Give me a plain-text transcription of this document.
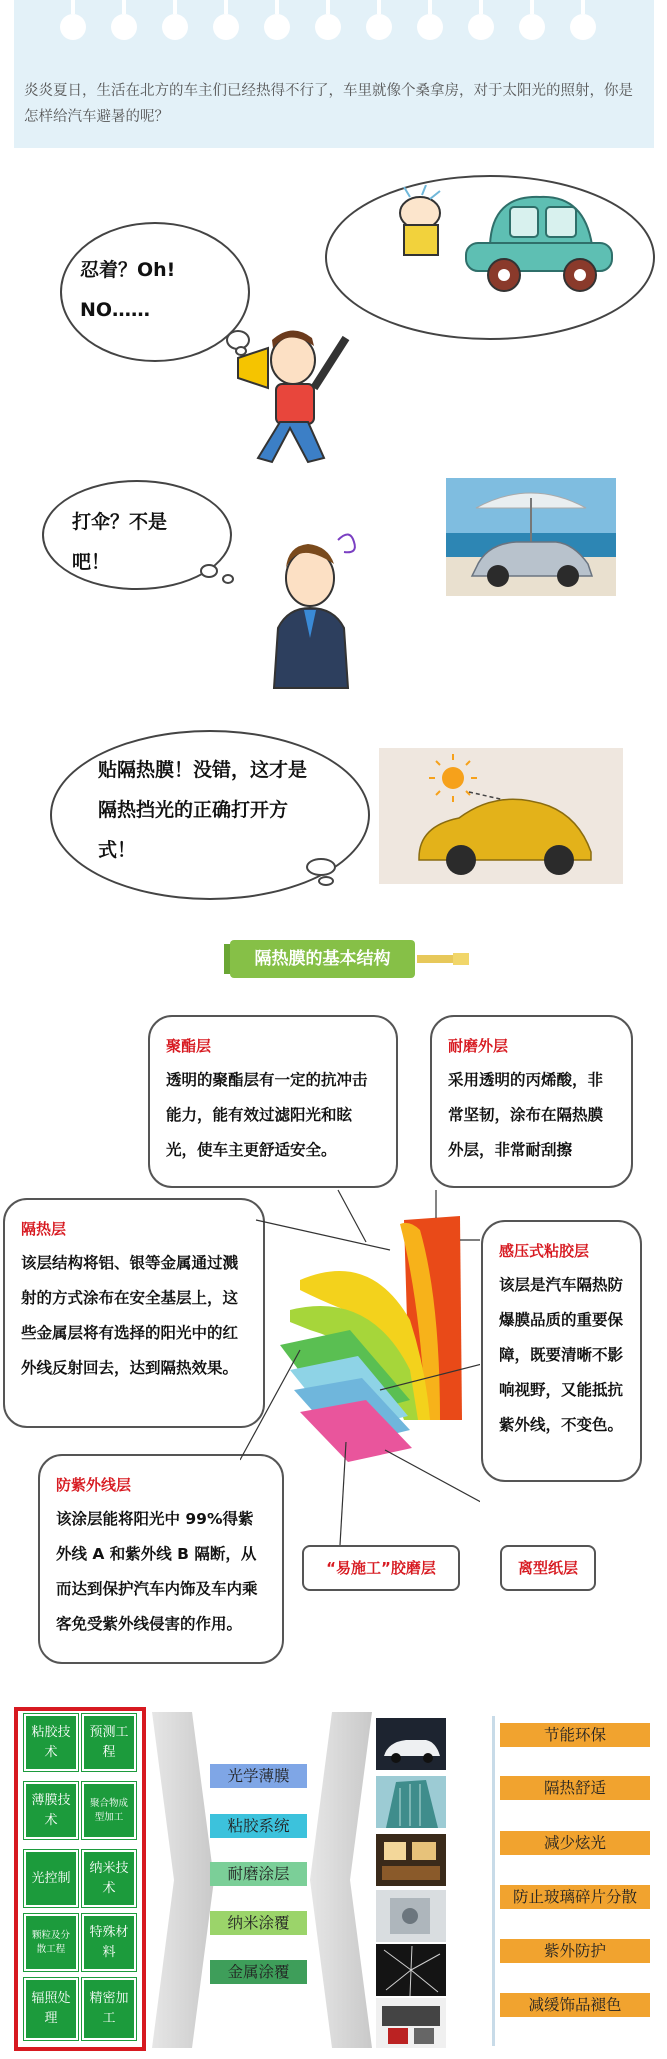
炎炎夏日，生活在北方的车主们已经热得不行了，车里就像个桑拿房，对于太阳光的照射，你是怎样给汽车避暑的呢？

忍着？Oh! NO……
打伞？不是吧！
贴隔热膜！没错，这才是隔热挡光的正确打开方式！
隔热膜的基本结构
聚酯层
透明的聚酯层有一定的抗冲击能力，能有效过滤阳光和眩光，使车主更舒适安全。
耐磨外层
采用透明的丙烯酸，非常坚韧，涂布在隔热膜外层，非常耐刮擦
隔热层
该层结构将铝、银等金属通过溅射的方式涂布在安全基层上，这些金属层将有选择的阳光中的红外线反射回去，达到隔热效果。
感压式粘胶层
该层是汽车隔热防爆膜品质的重要保障，既要清晰不影响视野，又能抵抗紫外线，不变色。
防紫外线层
该涂层能将阳光中 99%得紫外线 A 和紫外线 B 隔断，从而达到保护汽车内饰及车内乘客免受紫外线侵害的作用。
“易施工”胶磨层	离型纸层
粘胶技术
预测工程
薄膜技术
聚合物成型加工
光控制
纳米技术
颗粒及分散工程
特殊材料
辐照处理
精密加工
光学薄膜
粘胶系统
耐磨涂层
纳米涂覆
金属涂覆
节能环保
隔热舒适
减少炫光
防止玻璃碎片分散
紫外防护
减缓饰品褪色
